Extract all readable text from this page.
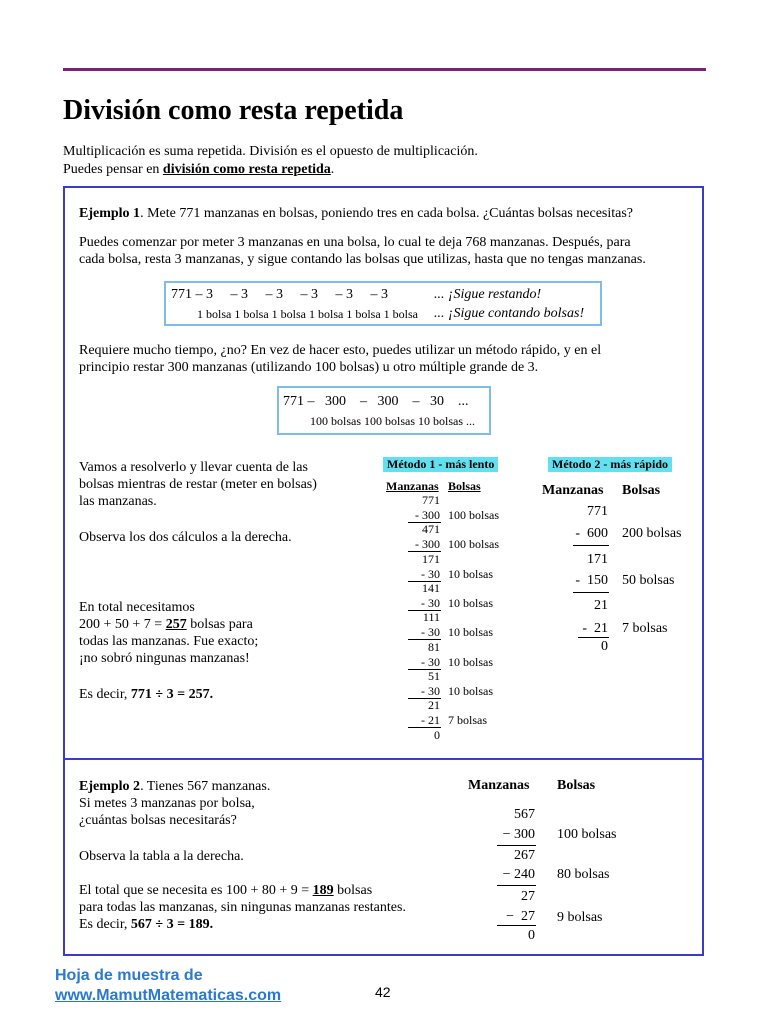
División como resta repetida
Multiplicación es suma repetida. División es el opuesto de multiplicación.
Puedes pensar en división como resta repetida.
Ejemplo 1. Mete 771 manzanas en bolsas, poniendo tres en cada bolsa. ¿Cuántas bolsas necesitas?
Puedes comenzar por meter 3 manzanas en una bolsa, lo cual te deja 768 manzanas. Después, para
cada bolsa, resta 3 manzanas, y sigue contando las bolsas que utilizas, hasta que no tengas manzanas.
771 – 3     – 3     – 3     – 3     – 3     – 3	... ¡Sigue restando!
1 bolsa 1 bolsa 1 bolsa 1 bolsa 1 bolsa 1 bolsa ... ¡Sigue contando bolsas!
Requiere mucho tiempo, ¿no? En vez de hacer esto, puedes utilizar un método rápido, y en el
principio restar 300 manzanas (utilizando 100 bolsas) u otro múltiple grande de 3.
771 –   300    –   300    –   30    ...
100 bolsas 100 bolsas 10 bolsas ...
Vamos a resolverlo y llevar cuenta de las
bolsas mientras de restar (meter en bolsas)
las manzanas.
Observa los dos cálculos a la derecha.
En total necesitamos
200 + 50 + 7 = 257 bolsas para
todas las manzanas. Fue exacto;
¡no sobró ningunas manzanas!
Es decir, 771 ÷ 3 = 257.
Método 1 - más lento
Manzanas Bolsas
771
- 300 100 bolsas
471
- 300 100 bolsas
171
- 30 10 bolsas
141
- 30 10 bolsas
111
- 30 10 bolsas
81
- 30 10 bolsas
51
- 30 10 bolsas
21
- 21 7 bolsas
0
Método 2 - más rápido
Manzanas Bolsas
771
-  600 200 bolsas
171
-  150 50 bolsas
21
-  21 7 bolsas
0
Ejemplo 2. Tienes 567 manzanas.
Si metes 3 manzanas por bolsa,
¿cuántas bolsas necesitarás?
Observa la tabla a la derecha.
El total que se necesita es 100 + 80 + 9 = 189 bolsas
para todas las manzanas, sin ningunas manzanas restantes.
Es decir, 567 ÷ 3 = 189.
Manzanas Bolsas
567
− 300 100 bolsas
267
− 240 80 bolsas
27
−  27 9 bolsas
0
Hoja de muestra de
www.MamutMatematicas.com	42
